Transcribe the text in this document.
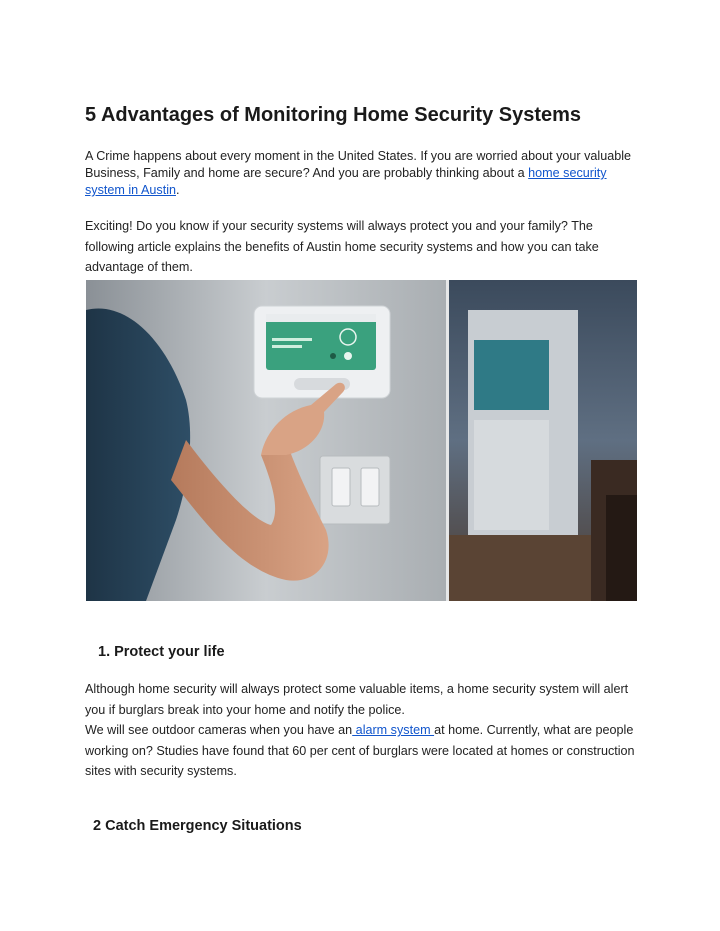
5 Advantages of Monitoring Home Security Systems

A Crime happens about every moment in the United States. If you are worried about your valuable Business, Family and home are secure? And you are probably thinking about a home security system in Austin.

Exciting! Do you know if your security systems will always protect you and your family? The following article explains the benefits of Austin home security systems and how you can take advantage of them.

1. Protect your life

Although home security will always protect some valuable items, a home security system will alert you if burglars break into your home and notify the police.
We will see outdoor cameras when you have an alarm system at home. Currently, what are people working on? Studies have found that 60 per cent of burglars were located at homes or construction sites with security systems.

2 Catch Emergency Situations
